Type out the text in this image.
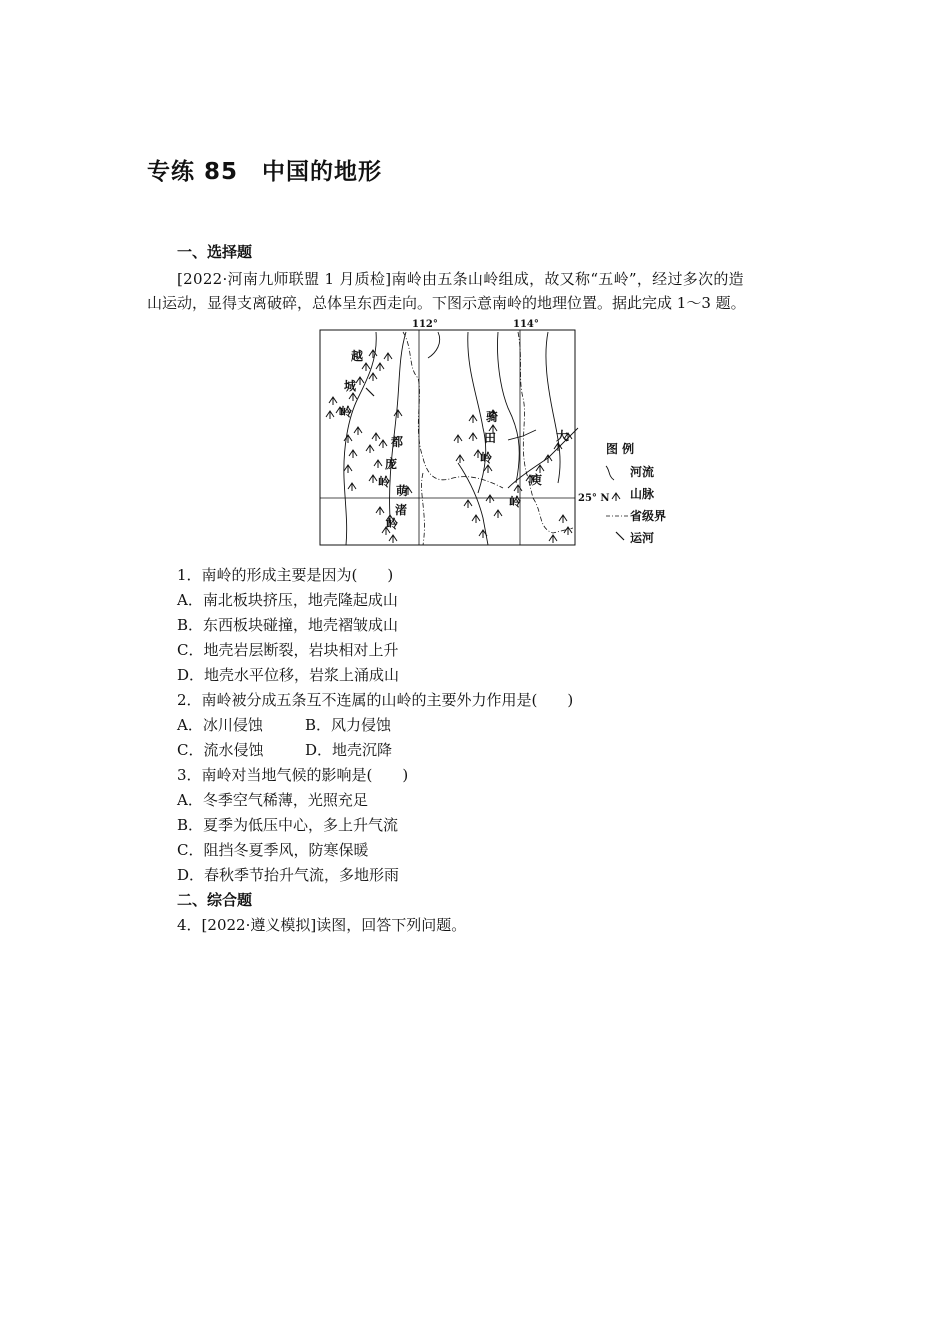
专练 85　中国的地形
一、选择题
[2022·河南九师联盟 1 月质检]南岭由五条山岭组成，故又称“五岭”，经过多次的造
山运动，显得支离破碎，总体呈东西走向。下图示意南岭的地理位置。据此完成 1～3 题。
112°	114°
25° N
越
城
岭
都
庞
岭
萌
渚
岭
骑
田
岭
大
庾
岭
图 例
河流
山脉
省级界
运河
1．南岭的形成主要是因为(　　)
A．南北板块挤压，地壳隆起成山
B．东西板块碰撞，地壳褶皱成山
C．地壳岩层断裂，岩块相对上升
D．地壳水平位移，岩浆上涌成山
2．南岭被分成五条互不连属的山岭的主要外力作用是(　　)
A．冰川侵蚀	B．风力侵蚀
C．流水侵蚀	D．地壳沉降
3．南岭对当地气候的影响是(　　)
A．冬季空气稀薄，光照充足
B．夏季为低压中心，多上升气流
C．阻挡冬夏季风，防寒保暖
D．春秋季节抬升气流，多地形雨
二、综合题
4．[2022·遵义模拟]读图，回答下列问题。
